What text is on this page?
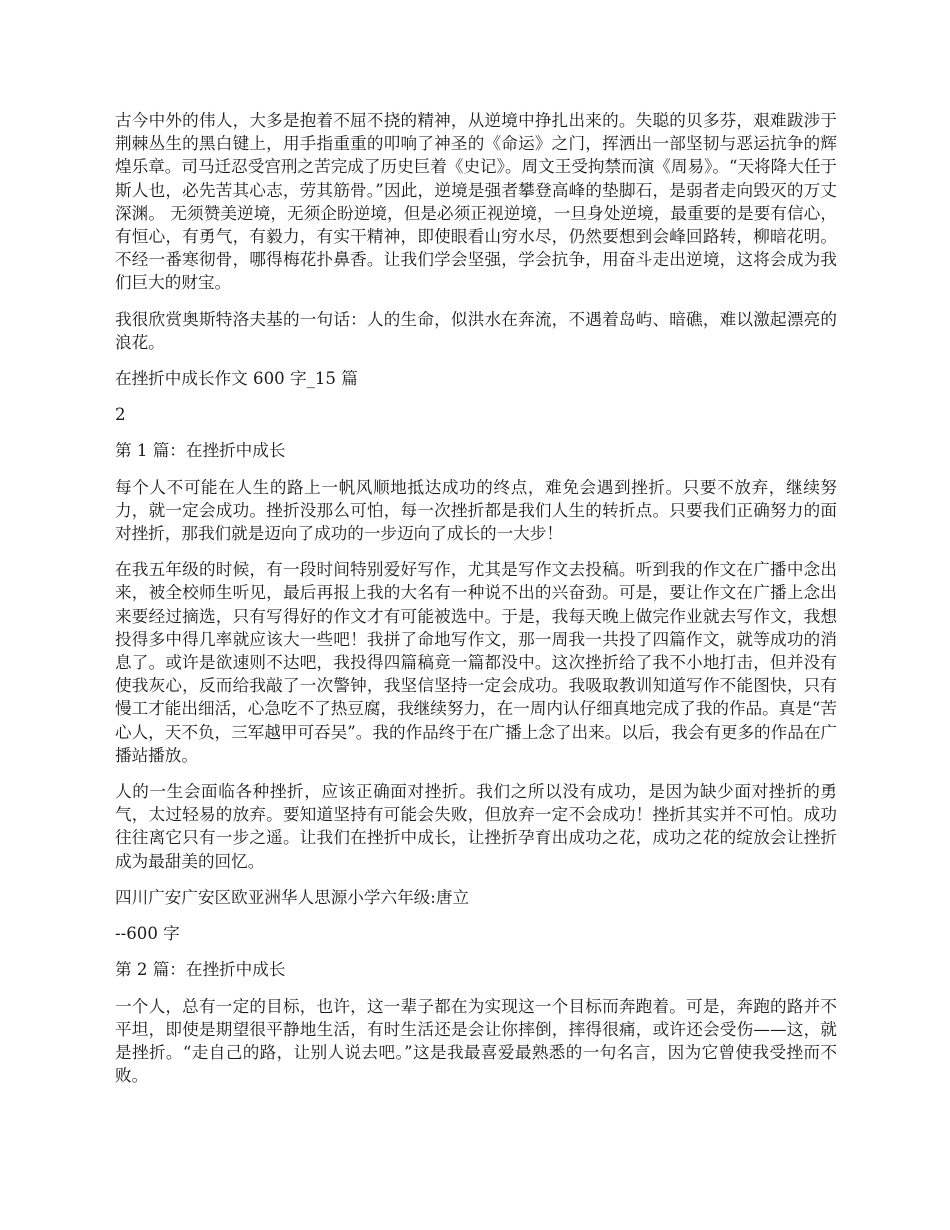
古今中外的伟人，大多是抱着不屈不挠的精神，从逆境中挣扎出来的。失聪的贝多芬，艰难跋涉于荆棘丛生的黑白键上，用手指重重的叩响了神圣的《命运》之门，挥洒出一部坚韧与恶运抗争的辉煌乐章。司马迁忍受宫刑之苦完成了历史巨着《史记》。周文王受拘禁而演《周易》。“天将降大任于斯人也，必先苦其心志，劳其筋骨。”因此，逆境是强者攀登高峰的垫脚石，是弱者走向毁灭的万丈深渊。 无须赞美逆境，无须企盼逆境，但是必须正视逆境，一旦身处逆境，最重要的是要有信心，有恒心，有勇气，有毅力，有实干精神，即使眼看山穷水尽，仍然要想到会峰回路转，柳暗花明。 不经一番寒彻骨，哪得梅花扑鼻香。让我们学会坚强，学会抗争，用奋斗走出逆境，这将会成为我们巨大的财宝。

我很欣赏奥斯特洛夫基的一句话：人的生命，似洪水在奔流，不遇着岛屿、暗礁，难以激起漂亮的浪花。

在挫折中成长作文 600 字_15 篇

2

第 1 篇：在挫折中成长

每个人不可能在人生的路上一帆风顺地抵达成功的终点，难免会遇到挫折。只要不放弃，继续努力，就一定会成功。挫折没那么可怕，每一次挫折都是我们人生的转折点。只要我们正确努力的面对挫折，那我们就是迈向了成功的一步迈向了成长的一大步！

在我五年级的时候，有一段时间特别爱好写作，尤其是写作文去投稿。听到我的作文在广播中念出来，被全校师生听见，最后再报上我的大名有一种说不出的兴奋劲。可是，要让作文在广播上念出来要经过摘选，只有写得好的作文才有可能被选中。于是，我每天晚上做完作业就去写作文，我想投得多中得几率就应该大一些吧！我拼了命地写作文，那一周我一共投了四篇作文，就等成功的消息了。或许是欲速则不达吧，我投得四篇稿竟一篇都没中。这次挫折给了我不小地打击，但并没有使我灰心，反而给我敲了一次警钟，我坚信坚持一定会成功。我吸取教训知道写作不能图快，只有慢工才能出细活，心急吃不了热豆腐，我继续努力，在一周内认仔细真地完成了我的作品。真是“苦心人，天不负，三军越甲可吞吴”。我的作品终于在广播上念了出来。以后，我会有更多的作品在广播站播放。

人的一生会面临各种挫折，应该正确面对挫折。我们之所以没有成功，是因为缺少面对挫折的勇气，太过轻易的放弃。要知道坚持有可能会失败，但放弃一定不会成功！挫折其实并不可怕。成功往往离它只有一步之遥。让我们在挫折中成长，让挫折孕育出成功之花，成功之花的绽放会让挫折成为最甜美的回忆。

四川广安广安区欧亚洲华人思源小学六年级:唐立

--600 字

第 2 篇：在挫折中成长

一个人，总有一定的目标，也许，这一辈子都在为实现这一个目标而奔跑着。可是，奔跑的路并不平坦，即使是期望很平静地生活，有时生活还是会让你摔倒，摔得很痛，或许还会受伤——这，就是挫折。“走自己的路，让别人说去吧。”这是我最喜爱最熟悉的一句名言，因为它曾使我受挫而不败。
